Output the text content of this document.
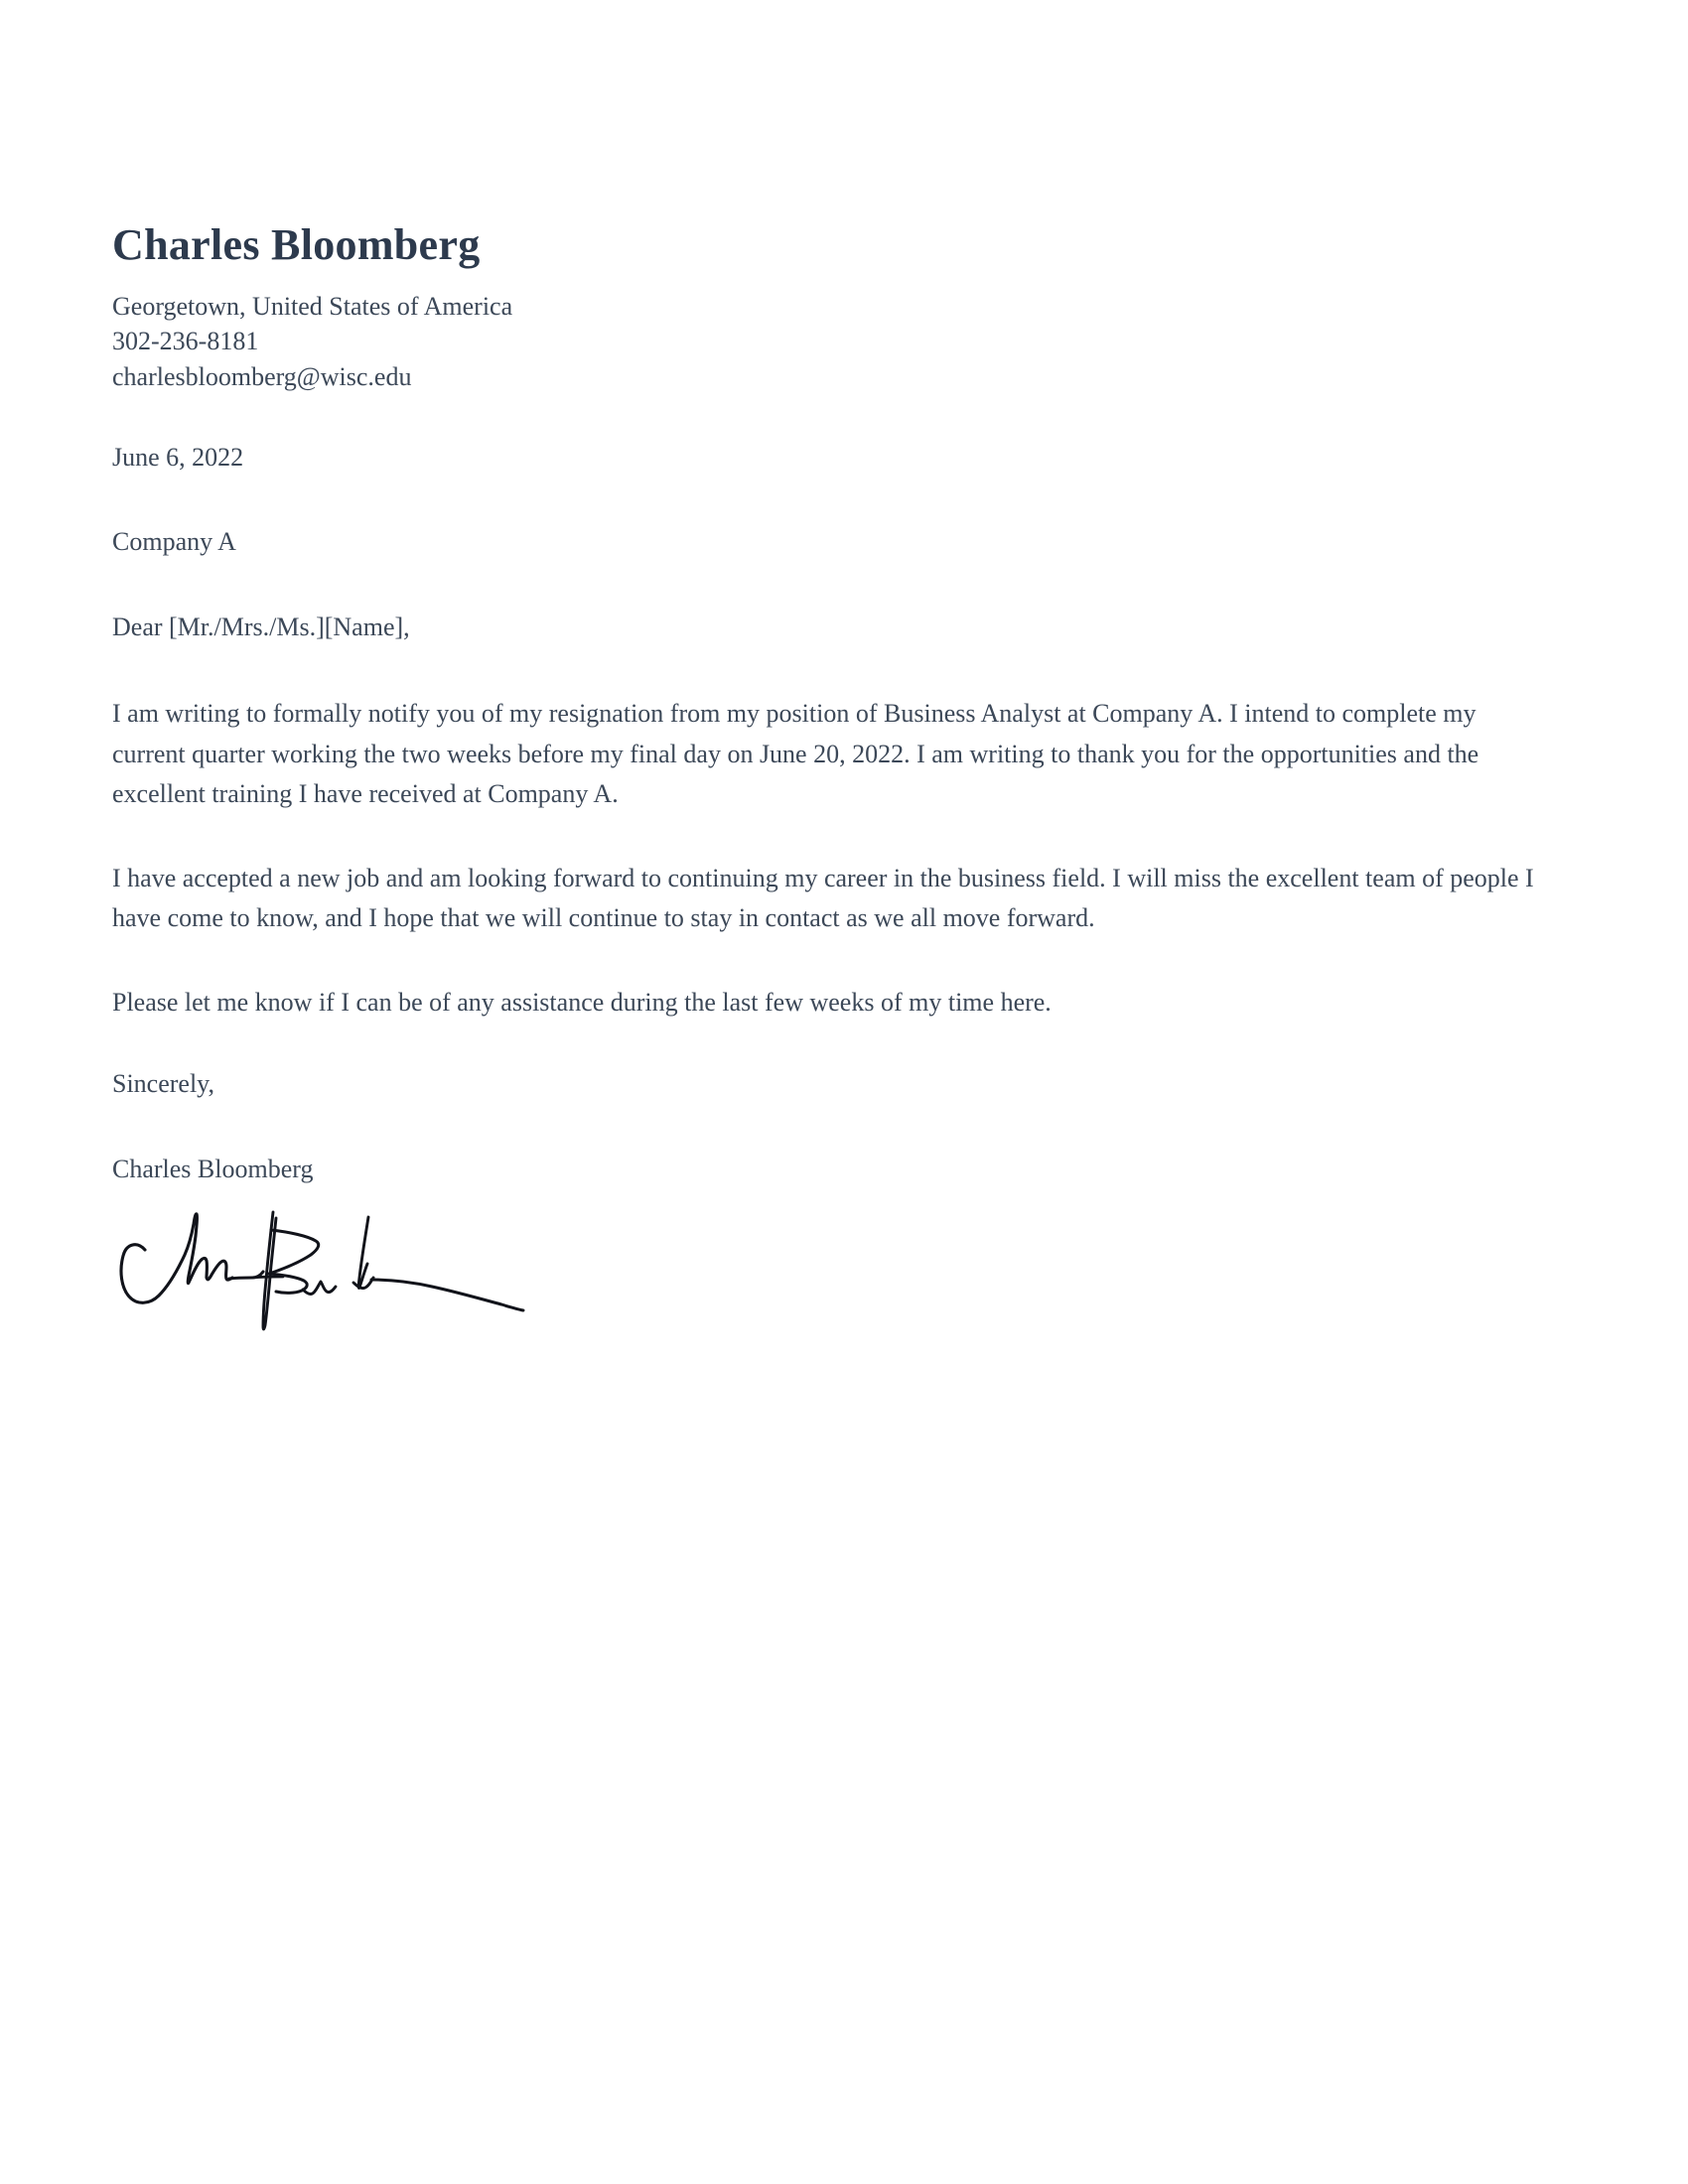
Charles Bloomberg
Georgetown, United States of America
302-236-8181
charlesbloomberg@wisc.edu
June 6, 2022
Company A
Dear [Mr./Mrs./Ms.][Name],

I am writing to formally notify you of my resignation from my position of Business Analyst at Company A. I intend to complete my current quarter working the two weeks before my final day on June 20, 2022. I am writing to thank you for the opportunities and the excellent training I have received at Company A.

I have accepted a new job and am looking forward to continuing my career in the business field. I will miss the excellent team of people I have come to know, and I hope that we will continue to stay in contact as we all move forward.

Please let me know if I can be of any assistance during the last few weeks of my time here.

Sincerely,
Charles Bloomberg
